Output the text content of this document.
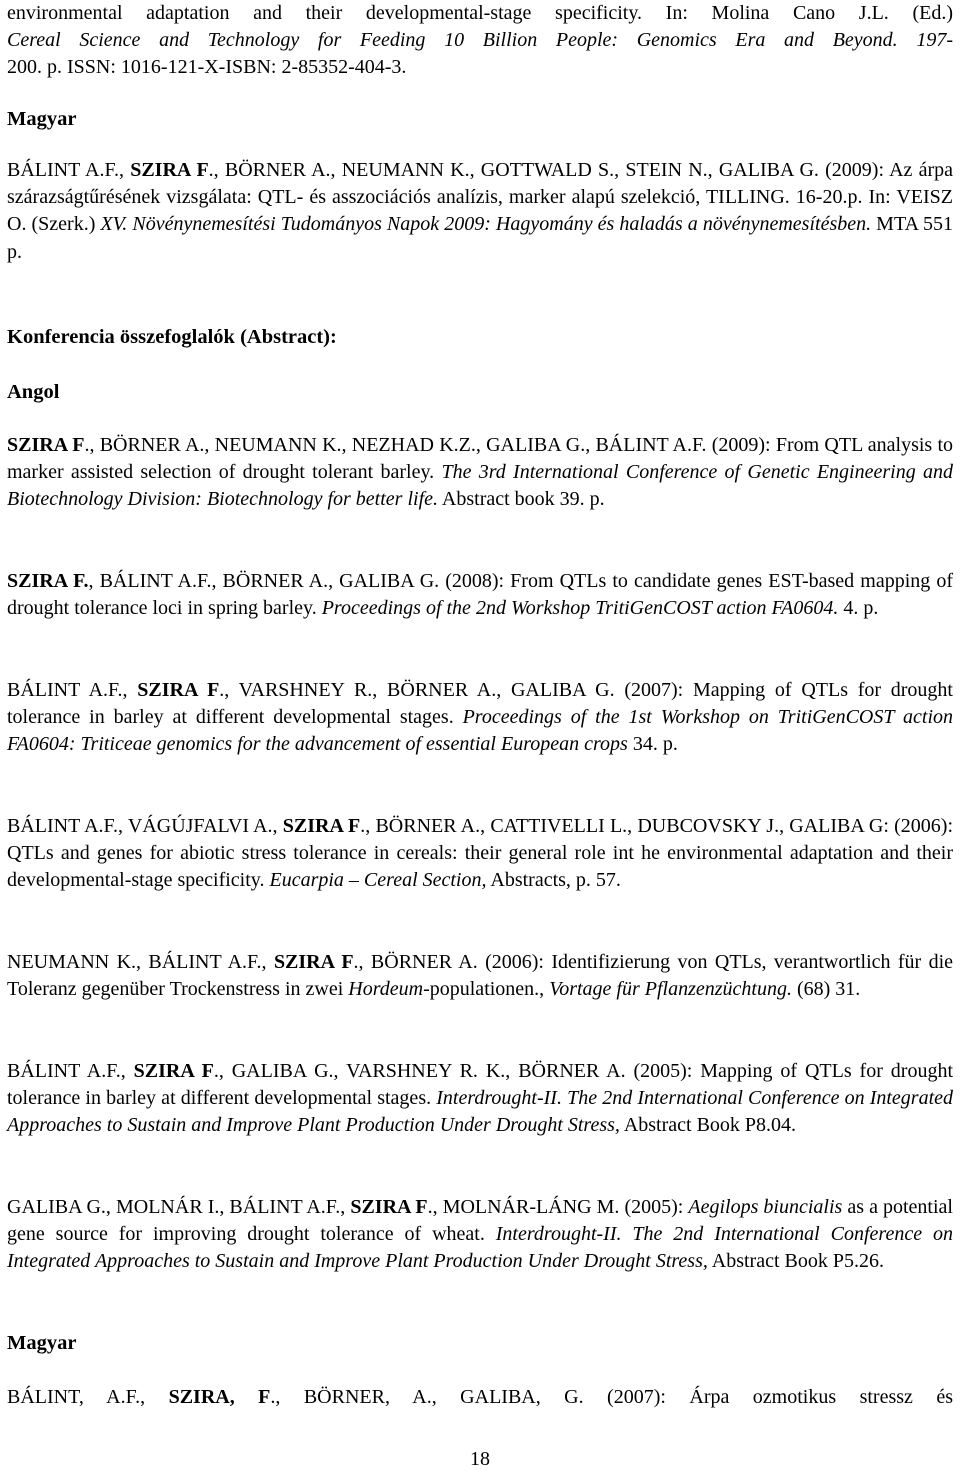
environmental adaptation and their developmental-stage specificity. In: Molina Cano J.L. (Ed.)
Cereal Science and Technology for Feeding 10 Billion People: Genomics Era and Beyond. 197-
200. p. ISSN: 1016-121-X-ISBN: 2-85352-404-3.

Magyar

BÁLINT A.F., SZIRA F., BÖRNER A., NEUMANN K., GOTTWALD S., STEIN N., GALIBA G. (2009): Az árpa szárazságtűrésének vizsgálata: QTL- és asszociációs analízis, marker alapú szelekció, TILLING. 16-20.p. In: VEISZ O. (Szerk.) XV. Növénynemesítési Tudományos Napok 2009: Hagyomány és haladás a növénynemesítésben. MTA 551 p.

Konferencia összefoglalók (Abstract):

Angol

SZIRA F., BÖRNER A., NEUMANN K., NEZHAD K.Z., GALIBA G., BÁLINT A.F. (2009): From QTL analysis to marker assisted selection of drought tolerant barley. The 3rd International Conference of Genetic Engineering and Biotechnology Division: Biotechnology for better life. Abstract book 39. p.

SZIRA F., BÁLINT A.F., BÖRNER A., GALIBA G. (2008): From QTLs to candidate genes EST-based mapping of drought tolerance loci in spring barley. Proceedings of the 2nd Workshop TritiGenCOST action FA0604. 4. p.

BÁLINT A.F., SZIRA F., VARSHNEY R., BÖRNER A., GALIBA G. (2007): Mapping of QTLs for drought tolerance in barley at different developmental stages. Proceedings of the 1st Workshop on TritiGenCOST action FA0604: Triticeae genomics for the advancement of essential European crops 34. p.

BÁLINT A.F., VÁGÚJFALVI A., SZIRA F., BÖRNER A., CATTIVELLI L., DUBCOVSKY J., GALIBA G: (2006): QTLs and genes for abiotic stress tolerance in cereals: their general role int he environmental adaptation and their developmental-stage specificity. Eucarpia – Cereal Section, Abstracts, p. 57.

NEUMANN K., BÁLINT A.F., SZIRA F., BÖRNER A. (2006): Identifizierung von QTLs, verantwortlich für die Toleranz gegenüber Trockenstress in zwei Hordeum-populationen., Vortage für Pflanzenzüchtung. (68) 31.

BÁLINT A.F., SZIRA F., GALIBA G., VARSHNEY R. K., BÖRNER A. (2005): Mapping of QTLs for drought tolerance in barley at different developmental stages. Interdrought-II. The 2nd International Conference on Integrated Approaches to Sustain and Improve Plant Production Under Drought Stress, Abstract Book P8.04.

GALIBA G., MOLNÁR I., BÁLINT A.F., SZIRA F., MOLNÁR-LÁNG M. (2005): Aegilops biuncialis as a potential gene source for improving drought tolerance of wheat. Interdrought-II. The 2nd International Conference on Integrated Approaches to Sustain and Improve Plant Production Under Drought Stress, Abstract Book P5.26.

Magyar

BÁLINT, A.F., SZIRA, F., BÖRNER, A., GALIBA, G. (2007): Árpa ozmotikus stressz és

18
